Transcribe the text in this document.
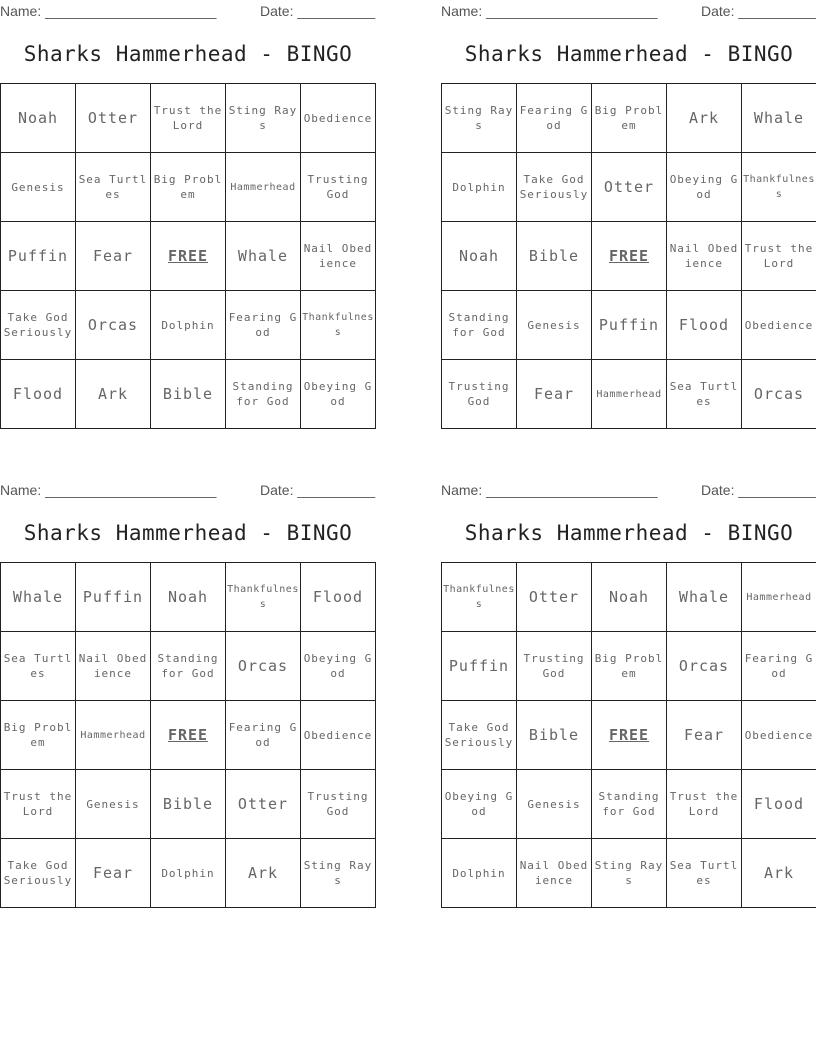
Name: ______________________	Date: __________
Sharks Hammerhead - BINGO
Noah	Otter	Trust the Lord	Sting Rays	Obedience
Genesis	Sea Turtles	Big Problem	Hammerhead	Trusting God
Puffin	Fear	FREE	Whale	Nail Obedience
Take God Seriously	Orcas	Dolphin	Fearing God	Thankfulness
Flood	Ark	Bible	Standing for God	Obeying God
Name: ______________________	Date: __________
Sharks Hammerhead - BINGO
Sting Rays	Fearing God	Big Problem	Ark	Whale
Dolphin	Take God Seriously	Otter	Obeying God	Thankfulness
Noah	Bible	FREE	Nail Obedience	Trust the Lord
Standing for God	Genesis	Puffin	Flood	Obedience
Trusting God	Fear	Hammerhead	Sea Turtles	Orcas
Name: ______________________	Date: __________
Sharks Hammerhead - BINGO
Whale	Puffin	Noah	Thankfulness	Flood
Sea Turtles	Nail Obedience	Standing for God	Orcas	Obeying God
Big Problem	Hammerhead	FREE	Fearing God	Obedience
Trust the Lord	Genesis	Bible	Otter	Trusting God
Take God Seriously	Fear	Dolphin	Ark	Sting Rays
Name: ______________________	Date: __________
Sharks Hammerhead - BINGO
Thankfulness	Otter	Noah	Whale	Hammerhead
Puffin	Trusting God	Big Problem	Orcas	Fearing God
Take God Seriously	Bible	FREE	Fear	Obedience
Obeying God	Genesis	Standing for God	Trust the Lord	Flood
Dolphin	Nail Obedience	Sting Rays	Sea Turtles	Ark
